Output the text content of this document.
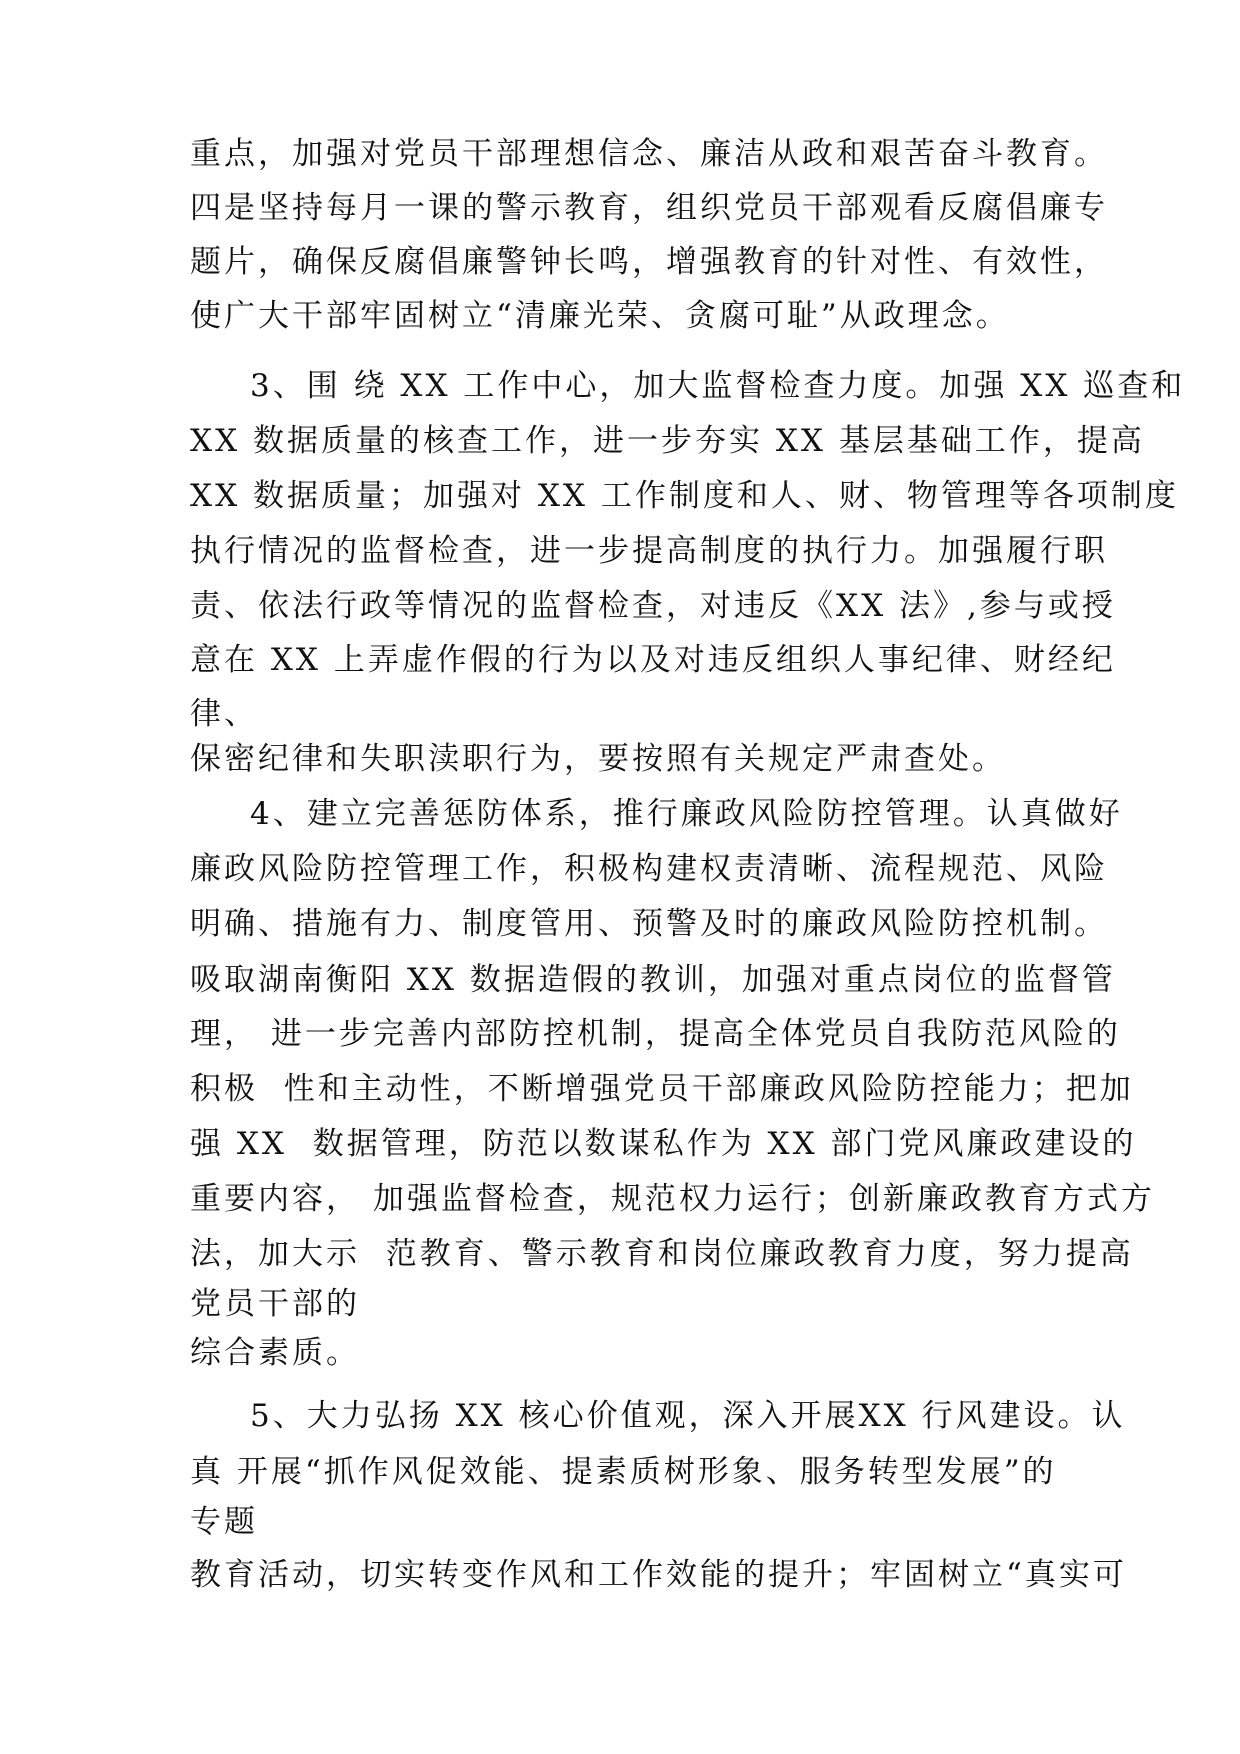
重点，加强对党员干部理想信念、廉洁从政和艰苦奋斗教育。
四是坚持每月一课的警示教育，组织党员干部观看反腐倡廉专
题片，确保反腐倡廉警钟长鸣，增强教育的针对性、有效性，
使广大干部牢固树立“清廉光荣、贪腐可耻”从政理念。
3、围 绕 XX 工作中心，加大监督检查力度。加强 XX 巡查和
XX 数据质量的核查工作，进一步夯实 XX 基层基础工作，提高
XX 数据质量；加强对 XX 工作制度和人、财、物管理等各项制度
执行情况的监督检查，进一步提高制度的执行力。加强履行职
责、依法行政等情况的监督检查，对违反《XX 法》,参与或授
意在 XX 上弄虚作假的行为以及对违反组织人事纪律、财经纪
律、
保密纪律和失职渎职行为，要按照有关规定严肃查处。
4、建立完善惩防体系，推行廉政风险防控管理。认真做好
廉政风险防控管理工作，积极构建权责清晰、流程规范、风险
明确、措施有力、制度管用、预警及时的廉政风险防控机制。
吸取湖南衡阳 XX 数据造假的教训，加强对重点岗位的监督管
理， 进一步完善内部防控机制，提高全体党员自我防范风险的
积极  性和主动性，不断增强党员干部廉政风险防控能力；把加
强 XX  数据管理，防范以数谋私作为 XX 部门党风廉政建设的
重要内容， 加强监督检查，规范权力运行；创新廉政教育方式方
法，加大示  范教育、警示教育和岗位廉政教育力度，努力提高
党员干部的
综合素质。
5、大力弘扬 XX 核心价值观，深入开展XX 行风建设。认
真 开展“抓作风促效能、提素质树形象、服务转型发展”的
专题
教育活动，切实转变作风和工作效能的提升；牢固树立“真实可
